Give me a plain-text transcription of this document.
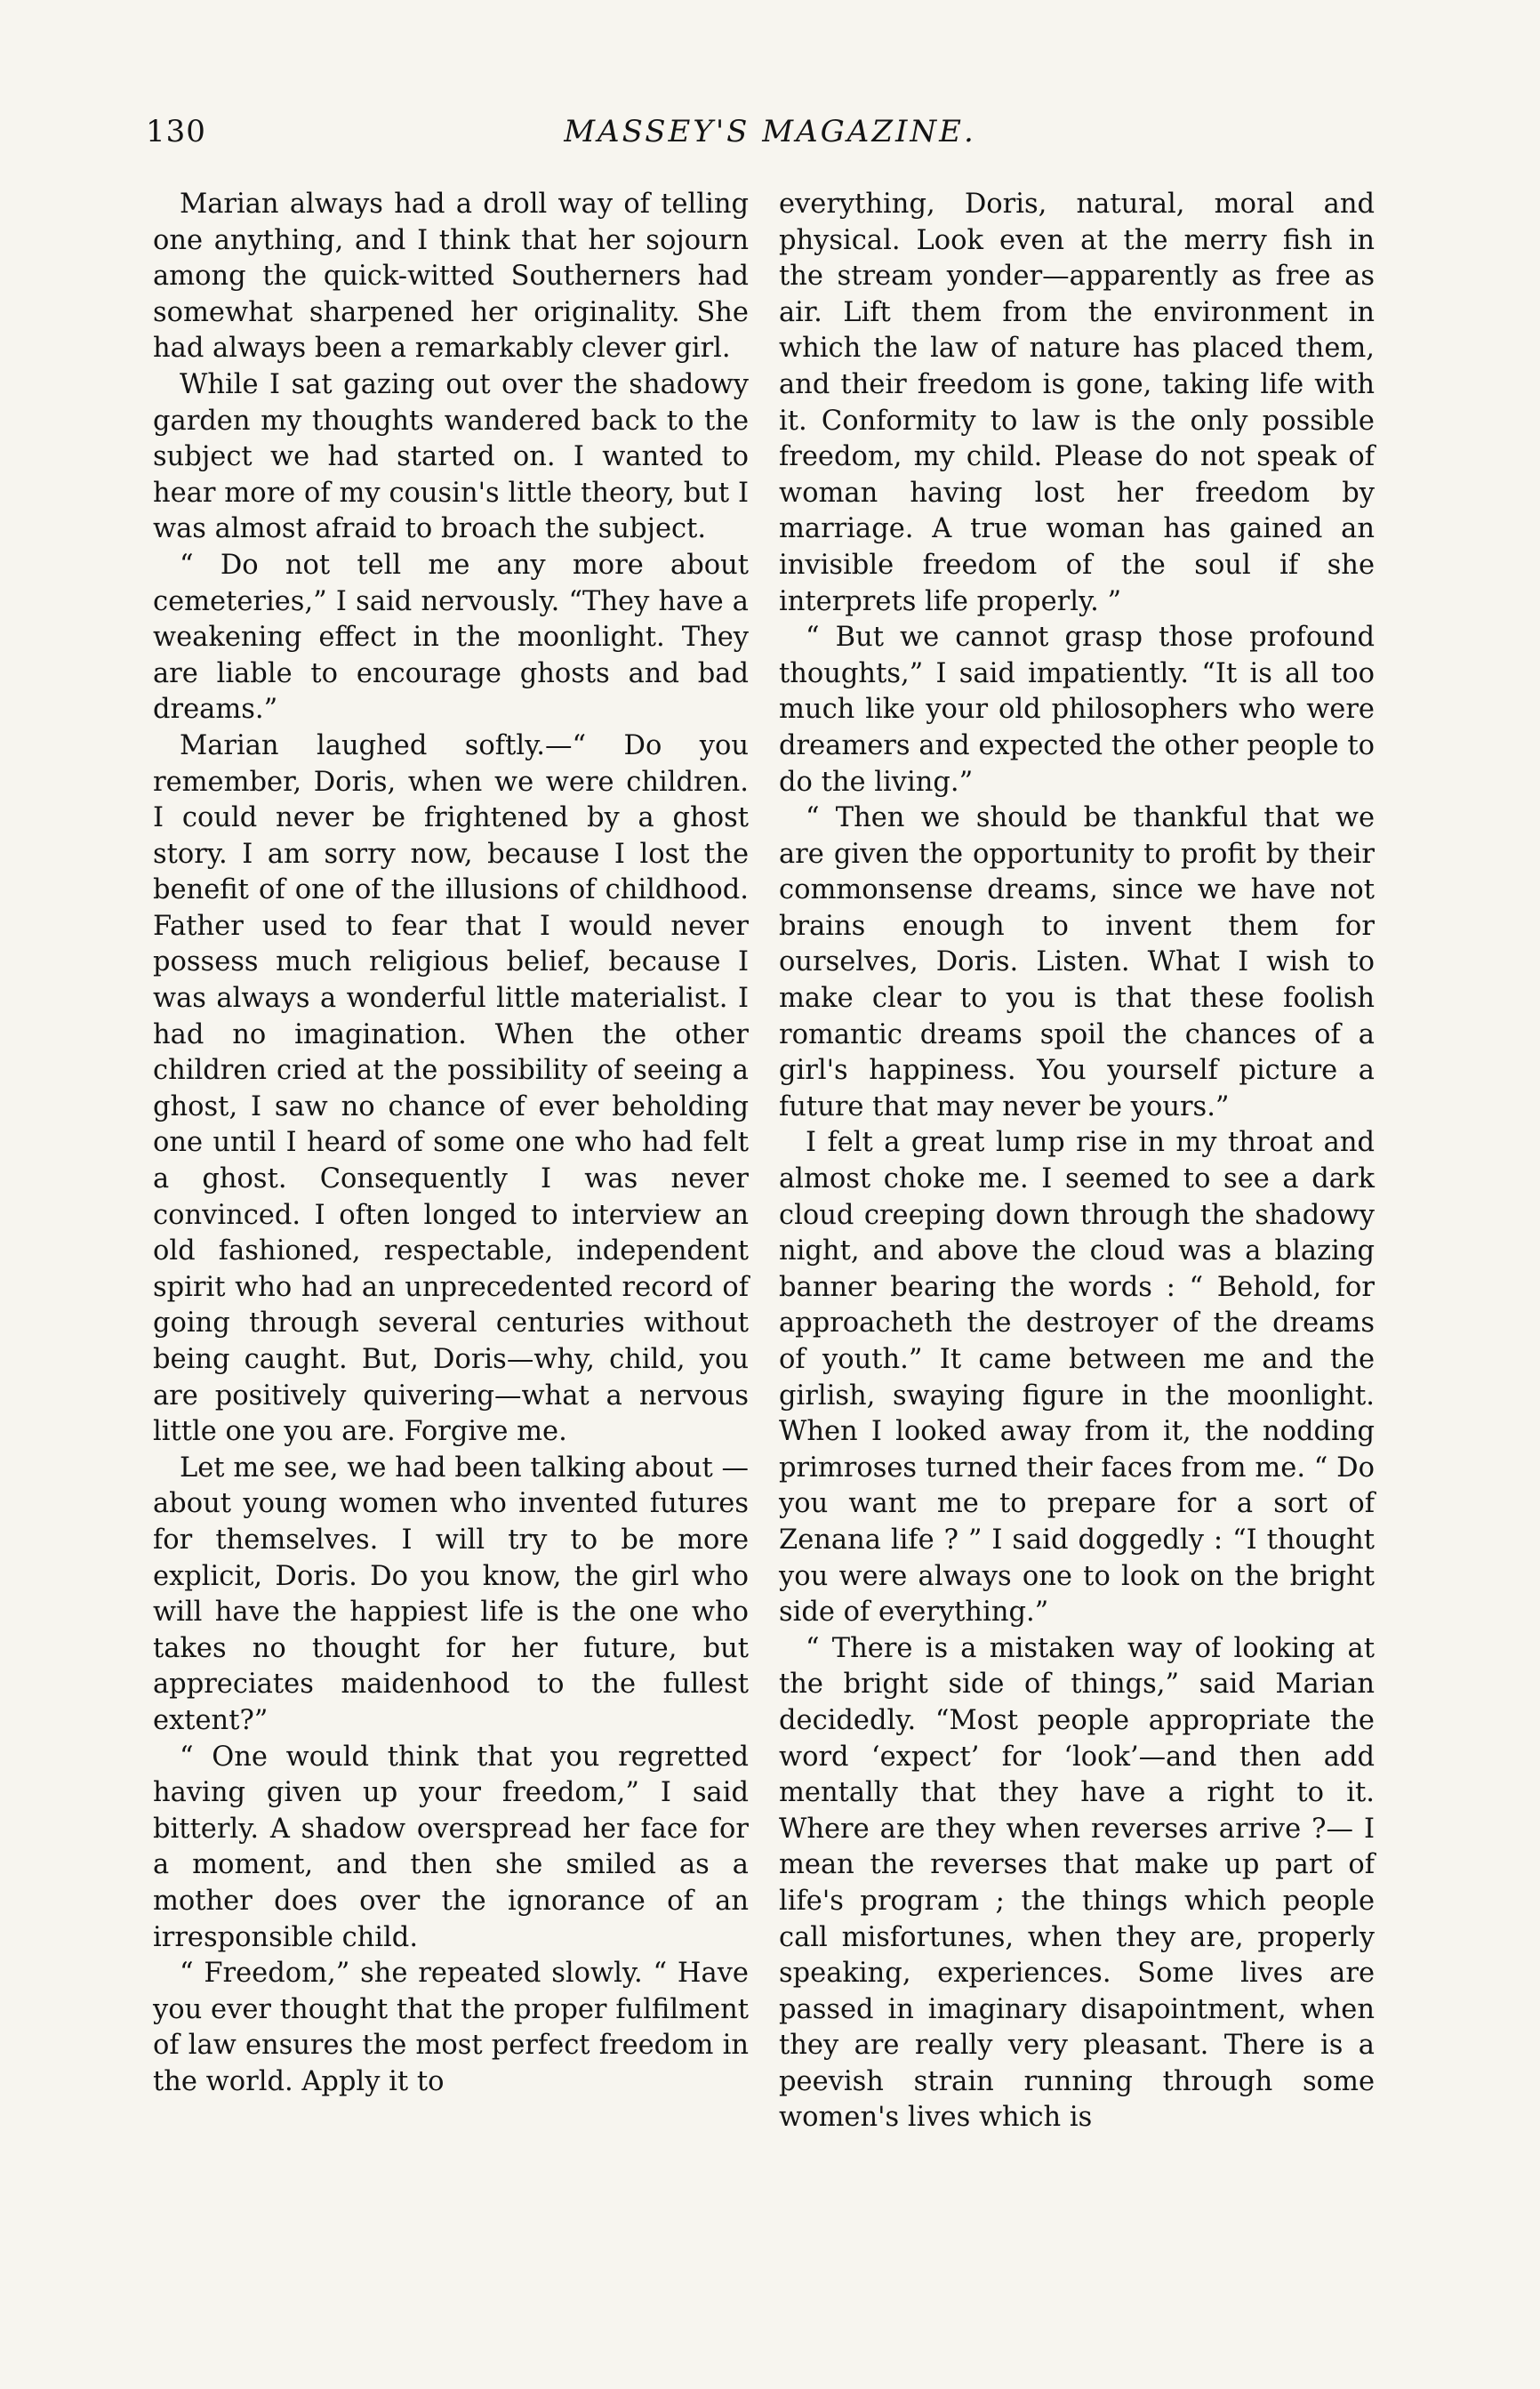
130	MASSEY'S MAGAZINE.

Marian always had a droll way of telling one anything, and I think that her sojourn among the quick-witted Southerners had somewhat sharpened her originality. She had always been a remarkably clever girl.

While I sat gazing out over the shadowy garden my thoughts wandered back to the subject we had started on. I wanted to hear more of my cousin's little theory, but I was almost afraid to broach the subject.

“ Do not tell me any more about cemeteries,” I said nervously. “They have a weakening effect in the moonlight. They are liable to encourage ghosts and bad dreams.”

Marian laughed softly.—“ Do you remember, Doris, when we were children. I could never be frightened by a ghost story. I am sorry now, because I lost the benefit of one of the illusions of childhood. Father used to fear that I would never possess much religious belief, because I was always a wonderful little materialist. I had no imagination. When the other children cried at the possibility of seeing a ghost, I saw no chance of ever beholding one until I heard of some one who had felt a ghost. Consequently I was never convinced. I often longed to interview an old fashioned, respectable, independent spirit who had an unprecedented record of going through several centuries without being caught. But, Doris—why, child, you are positively quivering—what a nervous little one you are. Forgive me.

Let me see, we had been talking about —about young women who invented futures for themselves. I will try to be more explicit, Doris. Do you know, the girl who will have the happiest life is the one who takes no thought for her future, but appreciates maidenhood to the fullest extent?”

“ One would think that you regretted having given up your freedom,” I said bitterly. A shadow overspread her face for a moment, and then she smiled as a mother does over the ignorance of an irresponsible child.

“ Freedom,” she repeated slowly. “ Have you ever thought that the proper fulfilment of law ensures the most perfect freedom in the world. Apply it to

everything, Doris, natural, moral and physical. Look even at the merry fish in the stream yonder—apparently as free as air. Lift them from the environment in which the law of nature has placed them, and their freedom is gone, taking life with it. Conformity to law is the only possible freedom, my child. Please do not speak of woman having lost her freedom by marriage. A true woman has gained an invisible freedom of the soul if she interprets life properly. ”

“ But we cannot grasp those profound thoughts,” I said impatiently. “It is all too much like your old philosophers who were dreamers and expected the other people to do the living.”

“ Then we should be thankful that we are given the opportunity to profit by their commonsense dreams, since we have not brains enough to invent them for ourselves, Doris. Listen. What I wish to make clear to you is that these foolish romantic dreams spoil the chances of a girl's happiness. You yourself picture a future that may never be yours.”

I felt a great lump rise in my throat and almost choke me. I seemed to see a dark cloud creeping down through the shadowy night, and above the cloud was a blazing banner bearing the words : “ Behold, for approacheth the destroyer of the dreams of youth.” It came between me and the girlish, swaying figure in the moonlight. When I looked away from it, the nodding primroses turned their faces from me. “ Do you want me to prepare for a sort of Zenana life ? ” I said doggedly : “I thought you were always one to look on the bright side of everything.”

“ There is a mistaken way of looking at the bright side of things,” said Marian decidedly. “Most people appropriate the word ‘expect’ for ‘look’—and then add mentally that they have a right to it. Where are they when reverses arrive ?— I mean the reverses that make up part of life's program ; the things which people call misfortunes, when they are, properly speaking, experiences. Some lives are passed in imaginary disapointment, when they are really very pleasant. There is a peevish strain running through some women's lives which is
